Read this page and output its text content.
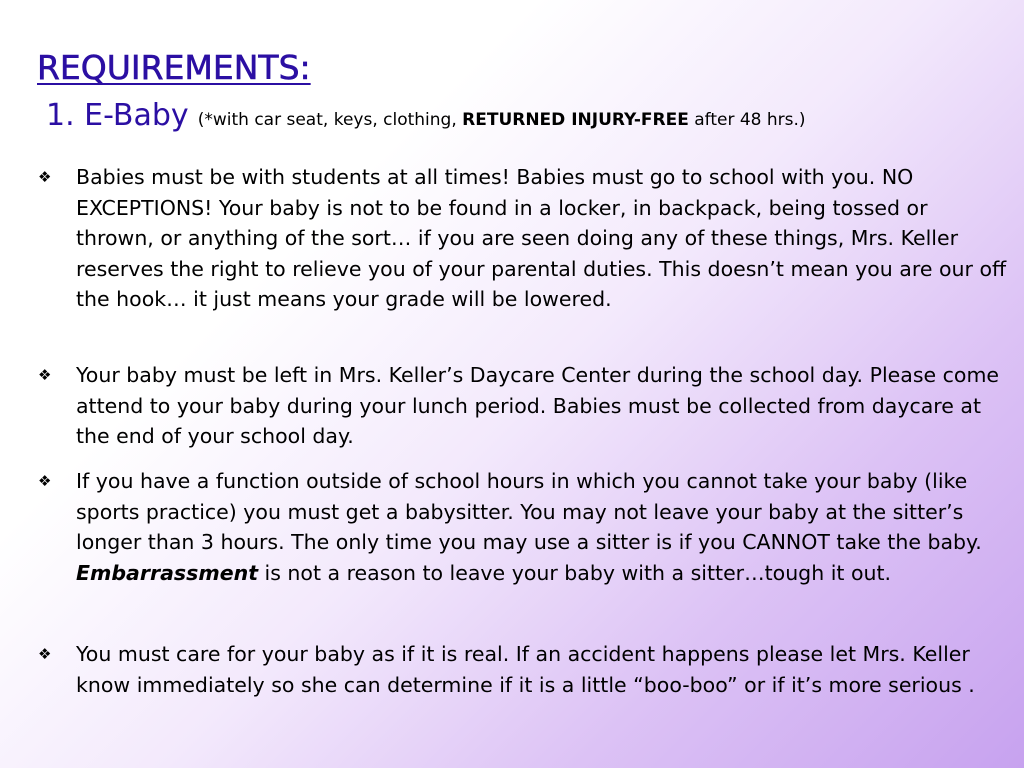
REQUIREMENTS:
1. E-Baby (*with car seat, keys, clothing, RETURNED INJURY-FREE after 48 hrs.)
❖	Babies must be with students at all times! Babies must go to school with you. NO EXCEPTIONS! Your baby is not to be found in a locker, in backpack, being tossed or thrown, or anything of the sort… if you are seen doing any of these things, Mrs. Keller reserves the right to relieve you of your parental duties. This doesn’t mean you are our off the hook… it just means your grade will be lowered.
❖	Your baby must be left in Mrs. Keller’s Daycare Center during the school day. Please come attend to your baby during your lunch period. Babies must be collected from daycare at the end of your school day.
❖	If you have a function outside of school hours in which you cannot take your baby (like sports practice) you must get a babysitter. You may not leave your baby at the sitter’s longer than 3 hours. The only time you may use a sitter is if you CANNOT take the baby. Embarrassment is not a reason to leave your baby with a sitter…tough it out.
❖	You must care for your baby as if it is real. If an accident happens please let Mrs. Keller know immediately so she can determine if it is a little “boo-boo” or if it’s more serious .
